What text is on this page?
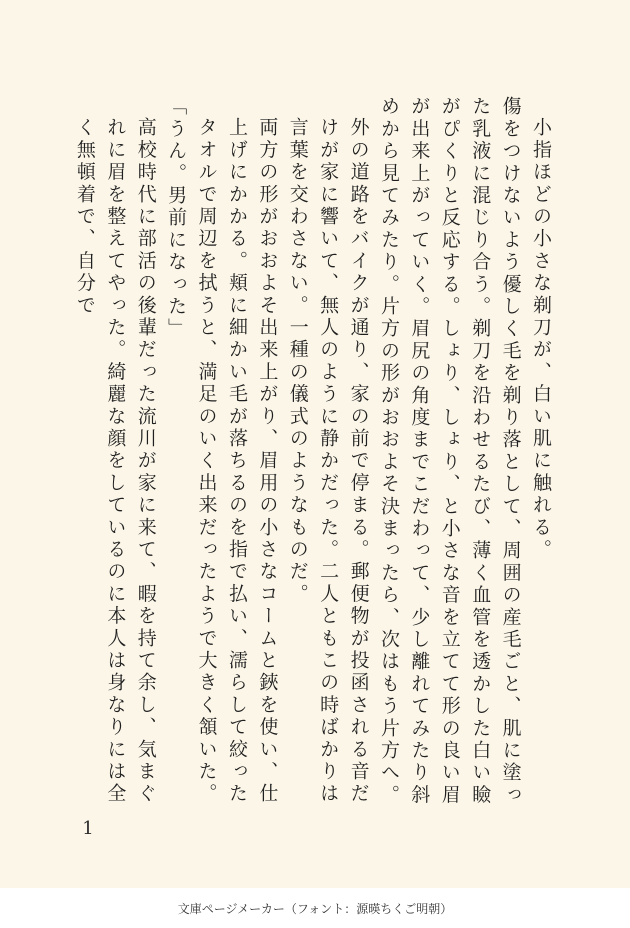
小指ほどの小さな剃刀が、白い肌に触れる。

傷をつけないよう優しく毛を剃り落として、周囲の産毛ごと、肌に塗った乳液に混じり合う。剃刀を沿わせるたび、薄く血管を透かした白い瞼がぴくりと反応する。しょり、しょり、と小さな音を立てて形の良い眉が出来上がっていく。眉尻の角度までこだわって、少し離れてみたり斜めから見てみたり。片方の形がおおよそ決まったら、次はもう片方へ。

外の道路をバイクが通り、家の前で停まる。郵便物が投函される音だけが家に響いて、無人のように静かだった。二人ともこの時ばかりは言葉を交わさない。一種の儀式のようなものだ。

両方の形がおおよそ出来上がり、眉用の小さなコームと鋏を使い、仕上げにかかる。頬に細かい毛が落ちるのを指で払い、濡らして絞ったタオルで周辺を拭うと、満足のいく出来だったようで大きく頷いた。

「うん。男前になった」

高校時代に部活の後輩だった流川が家に来て、暇を持て余し、気まぐれに眉を整えてやった。綺麗な顔をしているのに本人は身なりには全く無頓着で、自分で

1
文庫ページメーカー（フォント：源暎ちくご明朝）
